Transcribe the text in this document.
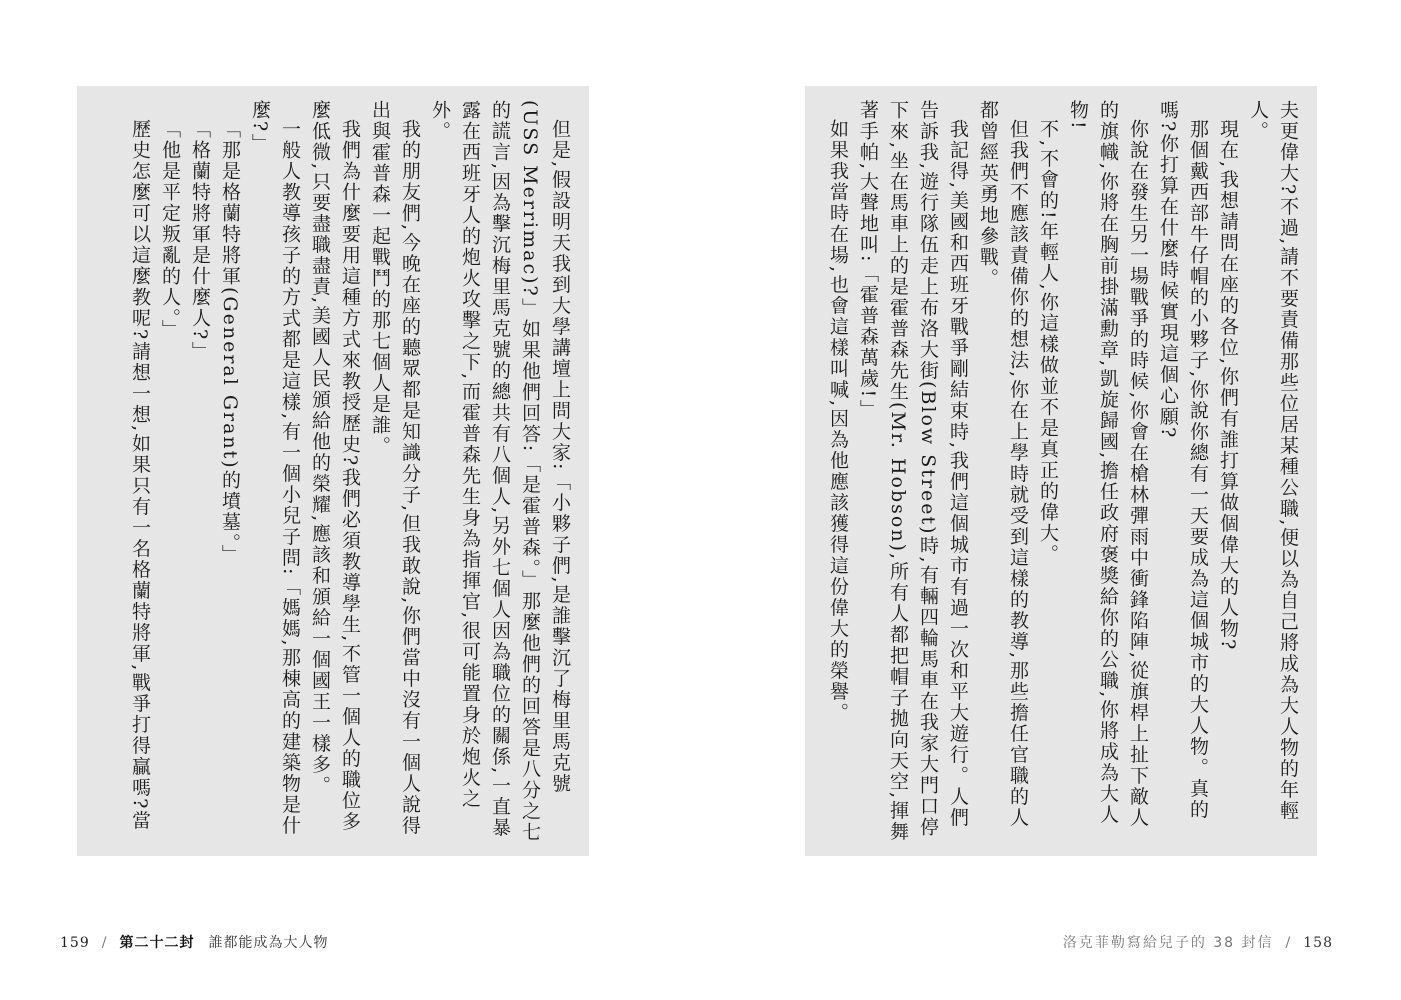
但是,假設明天我到大學講壇上問大家:「小夥子們,是誰擊沉了梅里馬克號(USS Merrimac)?」如果他們回答:「是霍普森。」那麼他們的回答是八分之七的謊言,因為擊沉梅里馬克號的總共有八個人,另外七個人因為職位的關係,一直暴露在西班牙人的炮火攻擊之下,而霍普森先生身為指揮官,很可能置身於炮火之外。

我的朋友們,今晚在座的聽眾都是知識分子,但我敢說,你們當中沒有一個人說得出與霍普森一起戰鬥的那七個人是誰。

我們為什麼要用這種方式來教授歷史?我們必須教導學生,不管一個人的職位多麼低微,只要盡職盡責,美國人民頒給他的榮耀,應該和頒給一個國王一樣多。

一般人教導孩子的方式都是這樣,有一個小兒子問:「媽媽,那棟高的建築物是什麼?」

「那是格蘭特將軍(General Grant)的墳墓。」

「格蘭特將軍是什麼人?」

「他是平定叛亂的人。」

歷史怎麼可以這麼教呢?請想一想,如果只有一名格蘭特將軍,戰爭打得贏嗎?當	夫更偉大?不過,請不要責備那些位居某種公職,便以為自己將成為大人物的年輕人。

現在,我想請問在座的各位,你們有誰打算做個偉大的人物?

那個戴西部牛仔帽的小夥子,你說你總有一天要成為這個城市的大人物。真的嗎?你打算在什麼時候實現這個心願?

你說在發生另一場戰爭的時候,你會在槍林彈雨中衝鋒陷陣,從旗桿上扯下敵人的旗幟,你將在胸前掛滿勳章,凱旋歸國,擔任政府褒獎給你的公職,你將成為大人物!

不,不會的!年輕人,你這樣做並不是真正的偉大。

但我們不應該責備你的想法,你在上學時就受到這樣的教導,那些擔任官職的人都曾經英勇地參戰。

我記得,美國和西班牙戰爭剛結束時,我們這個城市有過一次和平大遊行。人們告訴我,遊行隊伍走上布洛大街(Blow Street)時,有輛四輪馬車在我家大門口停下來,坐在馬車上的是霍普森先生(Mr. Hobson),所有人都把帽子拋向天空,揮舞著手帕,大聲地叫:「霍普森萬歲!」

如果我當時在場,也會這樣叫喊,因為他應該獲得這份偉大的榮譽。

159 / 第二十二封 誰都能成為大人物	洛克菲勒寫給兒子的 38 封信 / 158
